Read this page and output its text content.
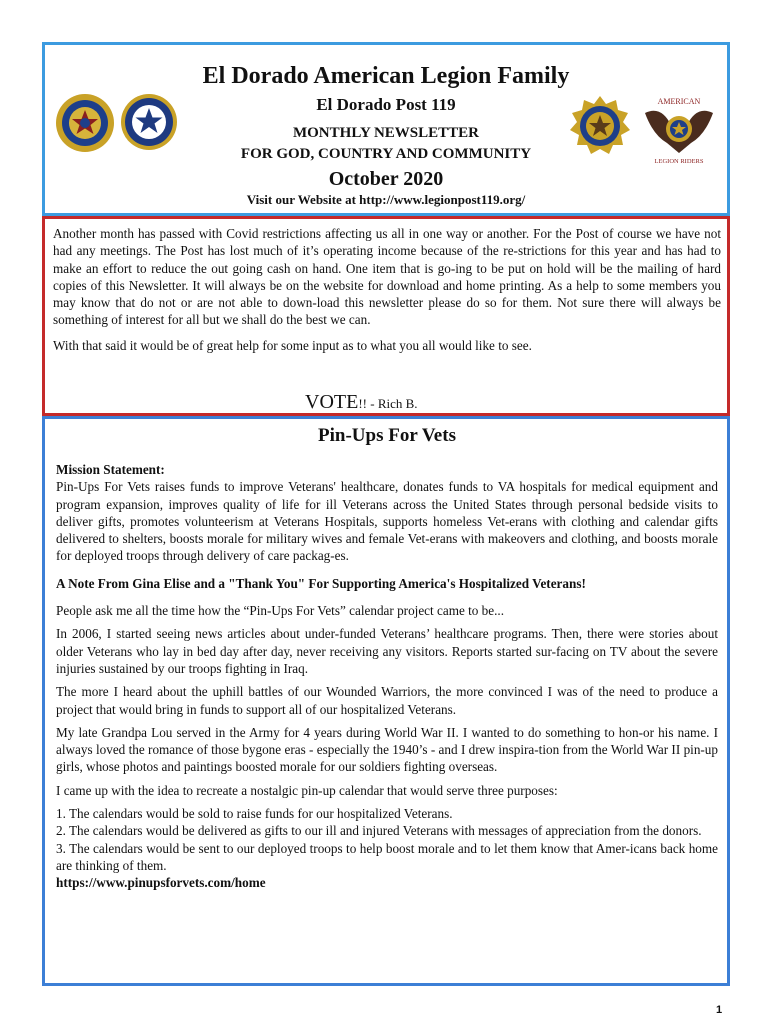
El Dorado American Legion Family
El Dorado Post 119
MONTHLY NEWSLETTER
FOR GOD, COUNTRY AND COMMUNITY
October 2020
Visit our Website at http://www.legionpost119.org/
AMERICAN
LEGION RIDERS

Another month has passed with Covid restrictions affecting us all in one way or another. For the Post of course we have not had any meetings. The Post has lost much of it’s operating income because of the re-strictions for this year and has had to make an effort to reduce the out going cash on hand. One item that is go-ing to be put on hold will be the mailing of hard copies of this Newsletter. It will always be on the website for download and home printing. As a help to some members you may know that do not or are not able to down-load this newsletter please do so for them. Not sure there will always be something of interest for all but we shall do the best we can.

With that said it would be of great help for some input as to what you all would like to see.

VOTE!! - Rich B.
Pin-Ups For Vets

Mission Statement:

Pin-Ups For Vets raises funds to improve Veterans' healthcare, donates funds to VA hospitals for medical equipment and program expansion, improves quality of life for ill Veterans across the United States through personal bedside visits to deliver gifts, promotes volunteerism at Veterans Hospitals, supports homeless Vet-erans with clothing and calendar gifts delivered to shelters, boosts morale for military wives and female Vet-erans with makeovers and clothing, and boosts morale for deployed troops through delivery of care packag-es.

A Note From Gina Elise and a "Thank You" For Supporting America's Hospitalized Veterans!

People ask me all the time how the “Pin-Ups For Vets” calendar project came to be...

In 2006, I started seeing news articles about under-funded Veterans’ healthcare programs. Then, there were stories about older Veterans who lay in bed day after day, never receiving any visitors. Reports started sur-facing on TV about the severe injuries sustained by our troops fighting in Iraq.

The more I heard about the uphill battles of our Wounded Warriors, the more convinced I was of the need to produce a project that would bring in funds to support all of our hospitalized Veterans.

My late Grandpa Lou served in the Army for 4 years during World War II. I wanted to do something to hon-or his name. I always loved the romance of those bygone eras - especially the 1940’s - and I drew inspira-tion from the World War II pin-up girls, whose photos and paintings boosted morale for our soldiers fighting overseas.

I came up with the idea to recreate a nostalgic pin-up calendar that would serve three purposes:

1. The calendars would be sold to raise funds for our hospitalized Veterans.

2. The calendars would be delivered as gifts to our ill and injured Veterans with messages of appreciation from the donors.

3. The calendars would be sent to our deployed troops to help boost morale and to let them know that Amer-icans back home are thinking of them.

https://www.pinupsforvets.com/home

1
